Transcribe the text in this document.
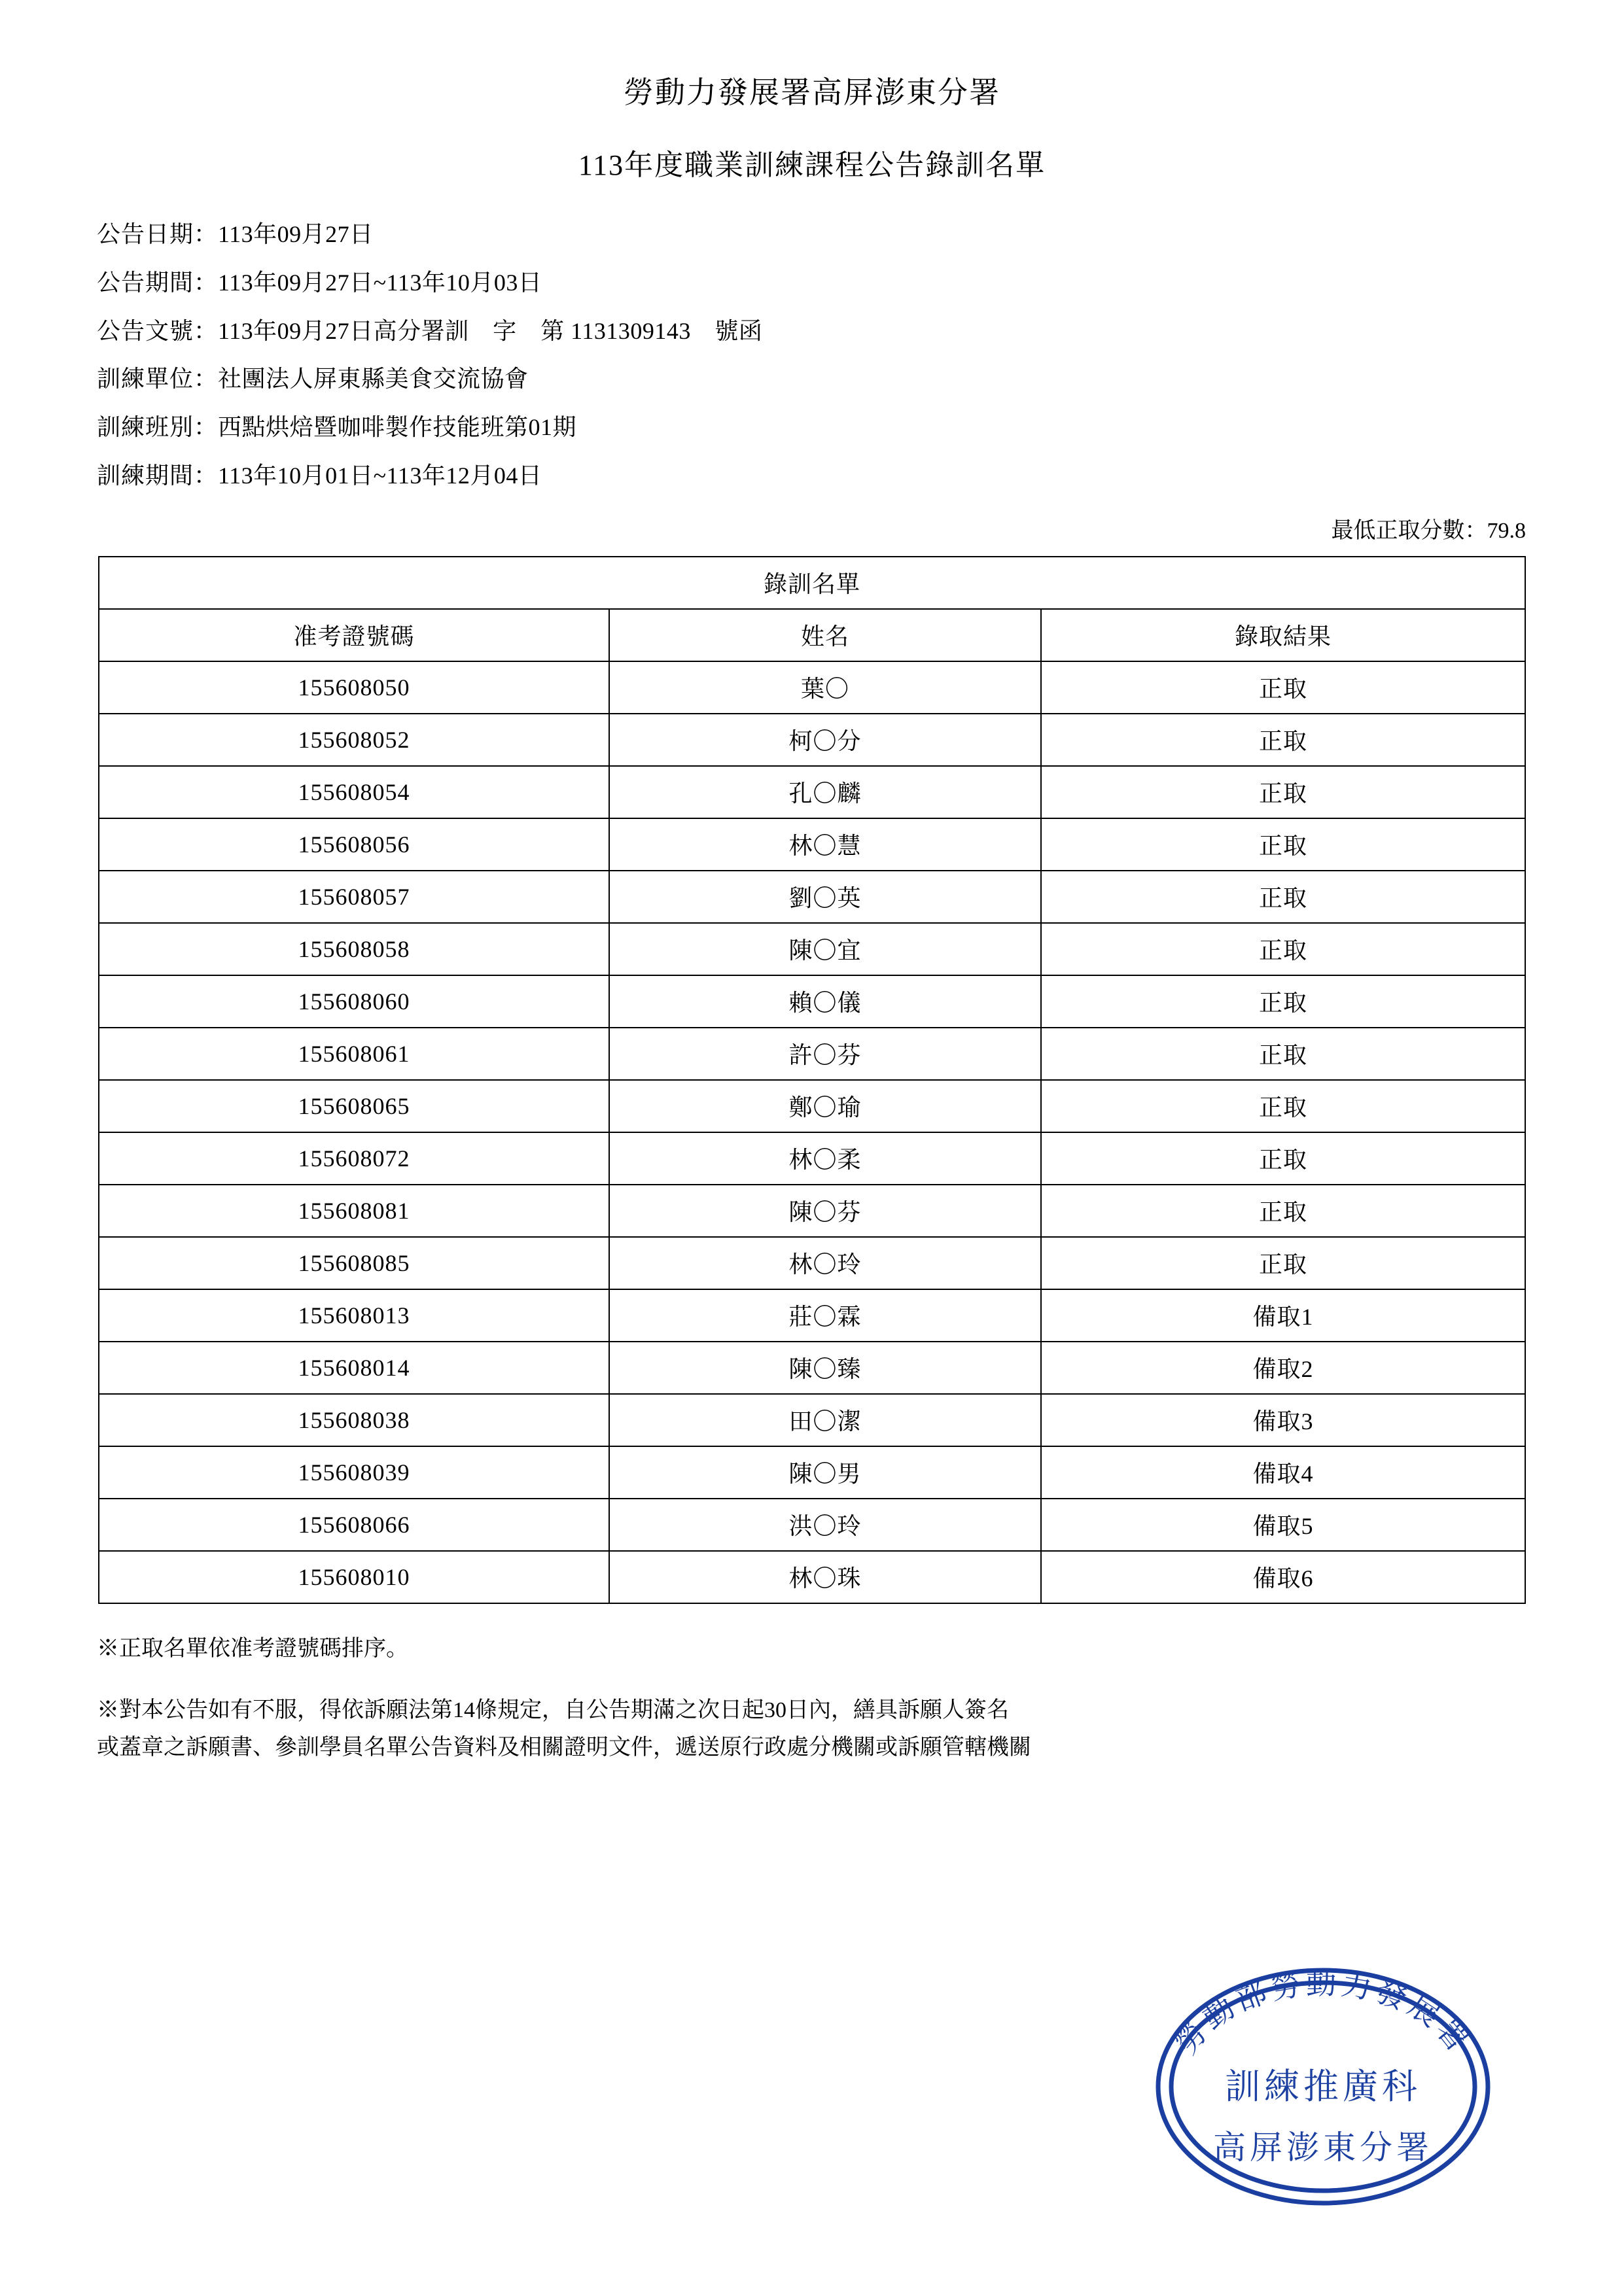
勞動力發展署高屏澎東分署
113年度職業訓練課程公告錄訓名單
公告日期：113年09月27日
公告期間：113年09月27日~113年10月03日
公告文號：113年09月27日高分署訓　字　第 1131309143　號函
訓練單位：社團法人屏東縣美食交流協會
訓練班別：西點烘焙暨咖啡製作技能班第01期
訓練期間：113年10月01日~113年12月04日
最低正取分數：79.8
錄訓名單		
准考證號碼	姓名	錄取結果
155608050	葉〇	正取
155608052	柯〇分	正取
155608054	孔〇麟	正取
155608056	林〇慧	正取
155608057	劉〇英	正取
155608058	陳〇宜	正取
155608060	賴〇儀	正取
155608061	許〇芬	正取
155608065	鄭〇瑜	正取
155608072	林〇柔	正取
155608081	陳〇芬	正取
155608085	林〇玲	正取
155608013	莊〇霖	備取1
155608014	陳〇臻	備取2
155608038	田〇潔	備取3
155608039	陳〇男	備取4
155608066	洪〇玲	備取5
155608010	林〇珠	備取6
※正取名單依准考證號碼排序。
※對本公告如有不服，得依訴願法第14條規定，自公告期滿之次日起30日內，繕具訴願人簽名
或蓋章之訴願書、參訓學員名單公告資料及相關證明文件，遞送原行政處分機關或訴願管轄機關
勞動部勞動力發展署
訓練推廣科
高屏澎東分署
